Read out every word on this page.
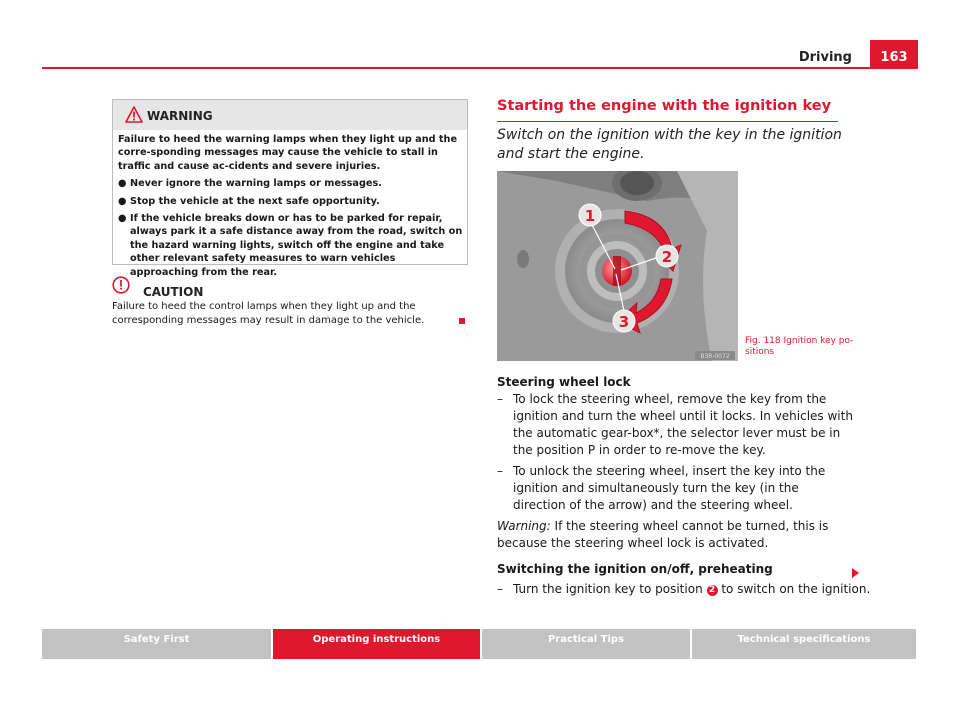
Driving	163
WARNING

Failure to heed the warning lamps when they light up and the corre-sponding messages may cause the vehicle to stall in traffic and cause ac-cidents and severe injuries.

● Never ignore the warning lamps or messages.
● Stop the vehicle at the next safe opportunity.
● If the vehicle breaks down or has to be parked for repair, always park it a safe distance away from the road, switch on the hazard warning lights, switch off the engine and take other relevant safety measures to warn vehicles approaching from the rear.
CAUTION
Failure to heed the control lamps when they light up and the corresponding messages may result in damage to the vehicle.
Starting the engine with the ignition key
Switch on the ignition with the key in the ignition and start the engine.
1
2
3
B3R-0072
Fig. 118 Ignition key po-sitions
Steering wheel lock
– To lock the steering wheel, remove the key from the ignition and turn the wheel until it locks. In vehicles with the automatic gear-box*, the selector lever must be in the position P in order to re-move the key.
– To unlock the steering wheel, insert the key into the ignition and simultaneously turn the key (in the direction of the arrow) and the steering wheel.
Warning: If the steering wheel cannot be turned, this is because the steering wheel lock is activated.
Switching the ignition on/off, preheating
– Turn the ignition key to position 2 to switch on the ignition.
Safety First	Operating instructions	Practical Tips	Technical specifications
